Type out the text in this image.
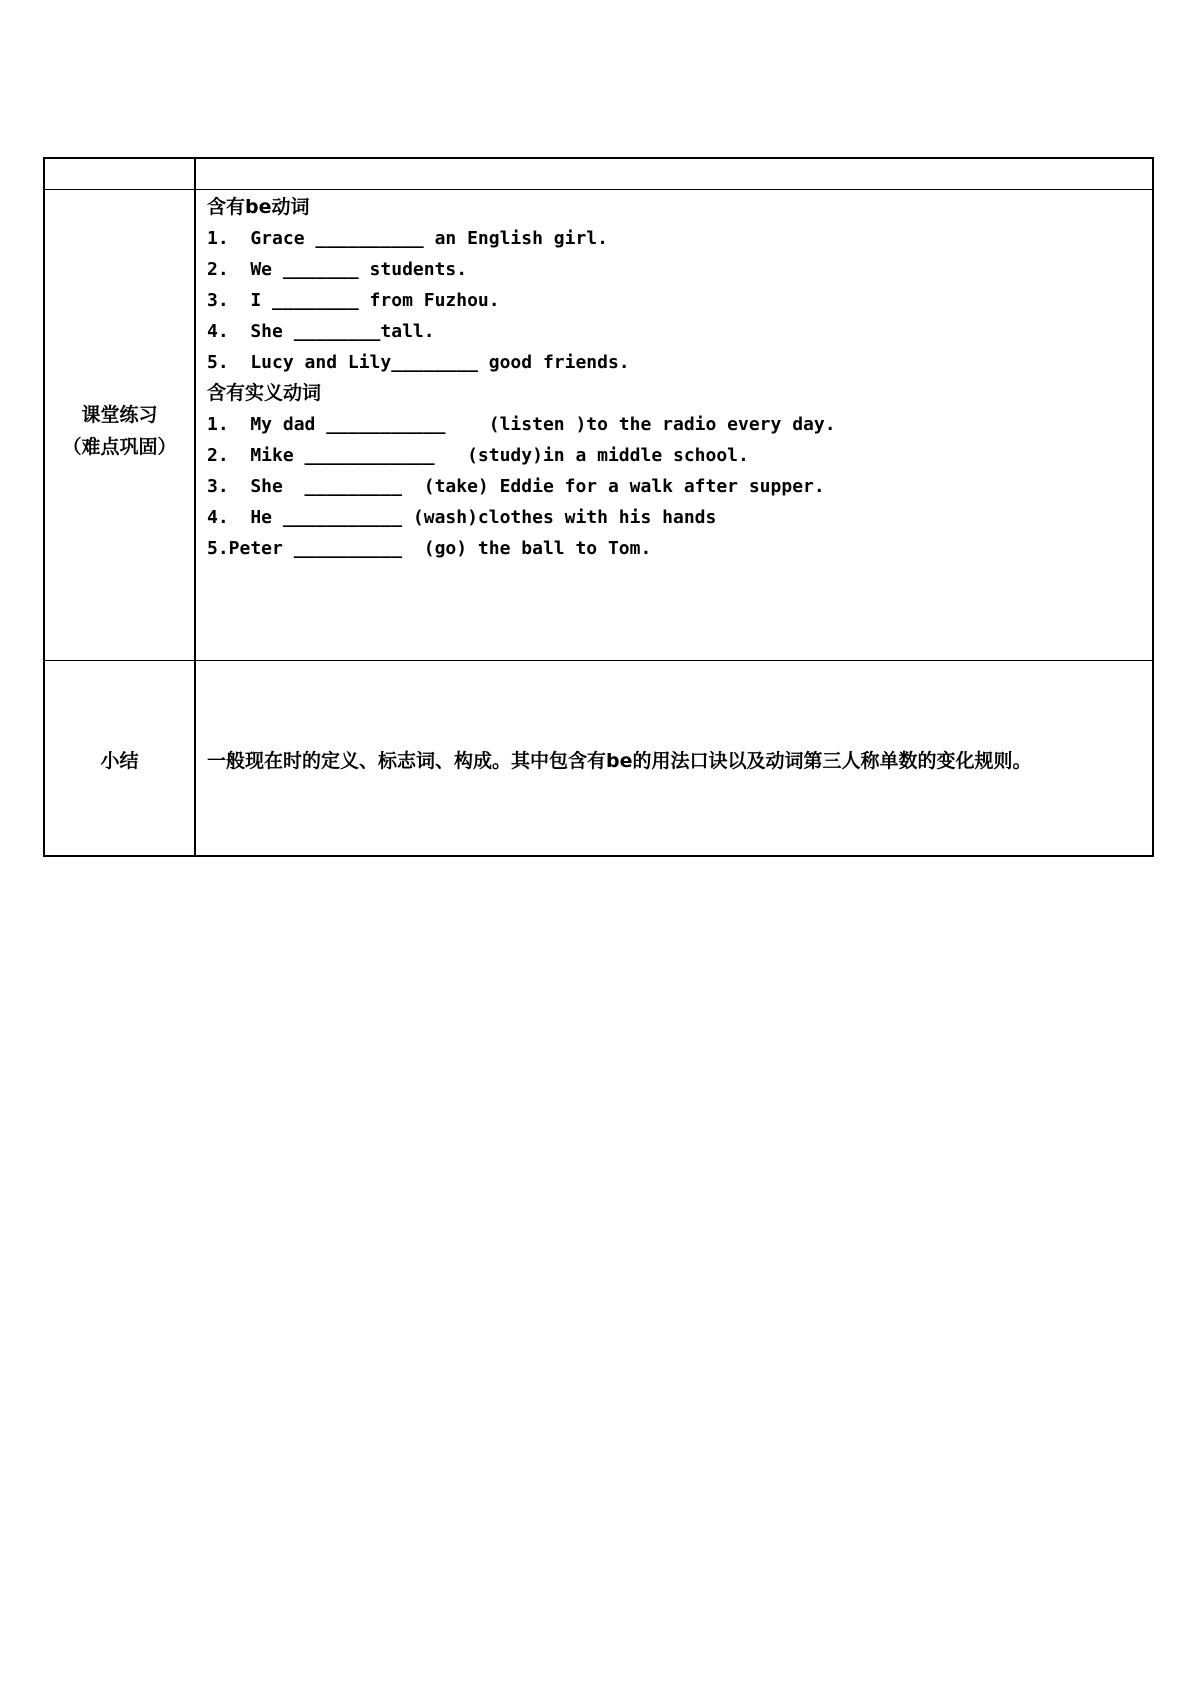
课堂练习
（难点巩固）
小结
含有be动词
1.  Grace __________ an English girl.
2.  We _______ students.
3.  I ________ from Fuzhou.
4.  She ________tall.
5.  Lucy and Lily________ good friends.
含有实义动词
1.  My dad ___________    (listen )to the radio every day.
2.  Mike ____________   (study)in a middle school.
3.  She  _________  (take) Eddie for a walk after supper.
4.  He ___________ (wash)clothes with his hands
5.Peter __________  (go) the ball to Tom.
一般现在时的定义、标志词、构成。其中包含有be的用法口诀以及动词第三人称单数的变化规则。
